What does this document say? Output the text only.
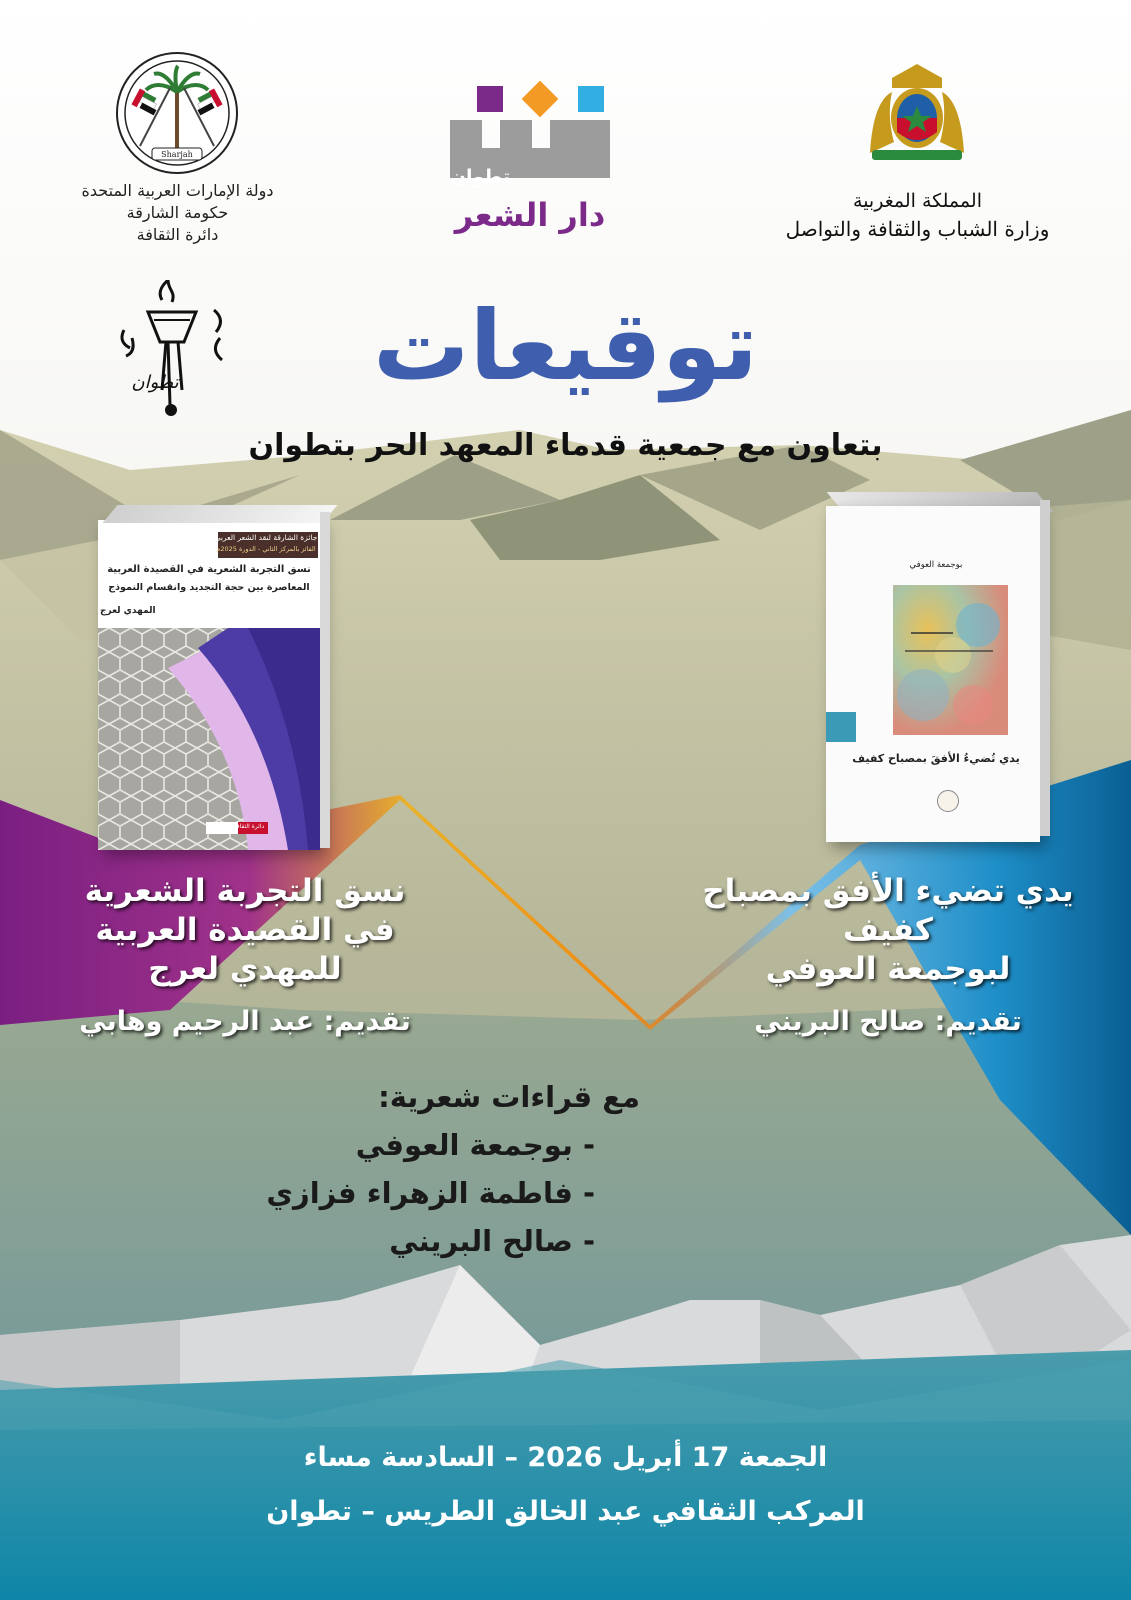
Sharjah
دولة الإمارات العربية المتحدة
حكومة الشارقة
دائرة الثقافة
تطوان
دار الشعر	المملكة المغربية
وزارة الشباب والثقافة والتواصل
تطوان	توقيعات
بتعاون مع جمعية قدماء المعهد الحر بتطوان
جائزة الشارقة لنقد الشعر العربي
الفائز بالمركز الثاني - الدورة 2025م
نسق التجربة الشعرية في القصيدة العربية
المعاصرة بين حجة التجديد وانقسام النموذج
المهدي لعرج
دائرة الثقافة - الشارقة
بوجمعة العوفي
يدي تُضيءُ الأفقَ بمصباح كفيف
نسق التجربة الشعرية
في القصيدة العربية
للمهدي لعرج
تقديم: عبد الرحيم وهابي
يدي تضيء الأفق بمصباح
كفيف
لبوجمعة العوفي
تقديم: صالح البريني
مع قراءات شعرية:
- بوجمعة العوفي
- فاطمة الزهراء فزازي
- صالح البريني
الجمعة 17 أبريل 2026 – السادسة مساء
المركب الثقافي عبد الخالق الطريس – تطوان
